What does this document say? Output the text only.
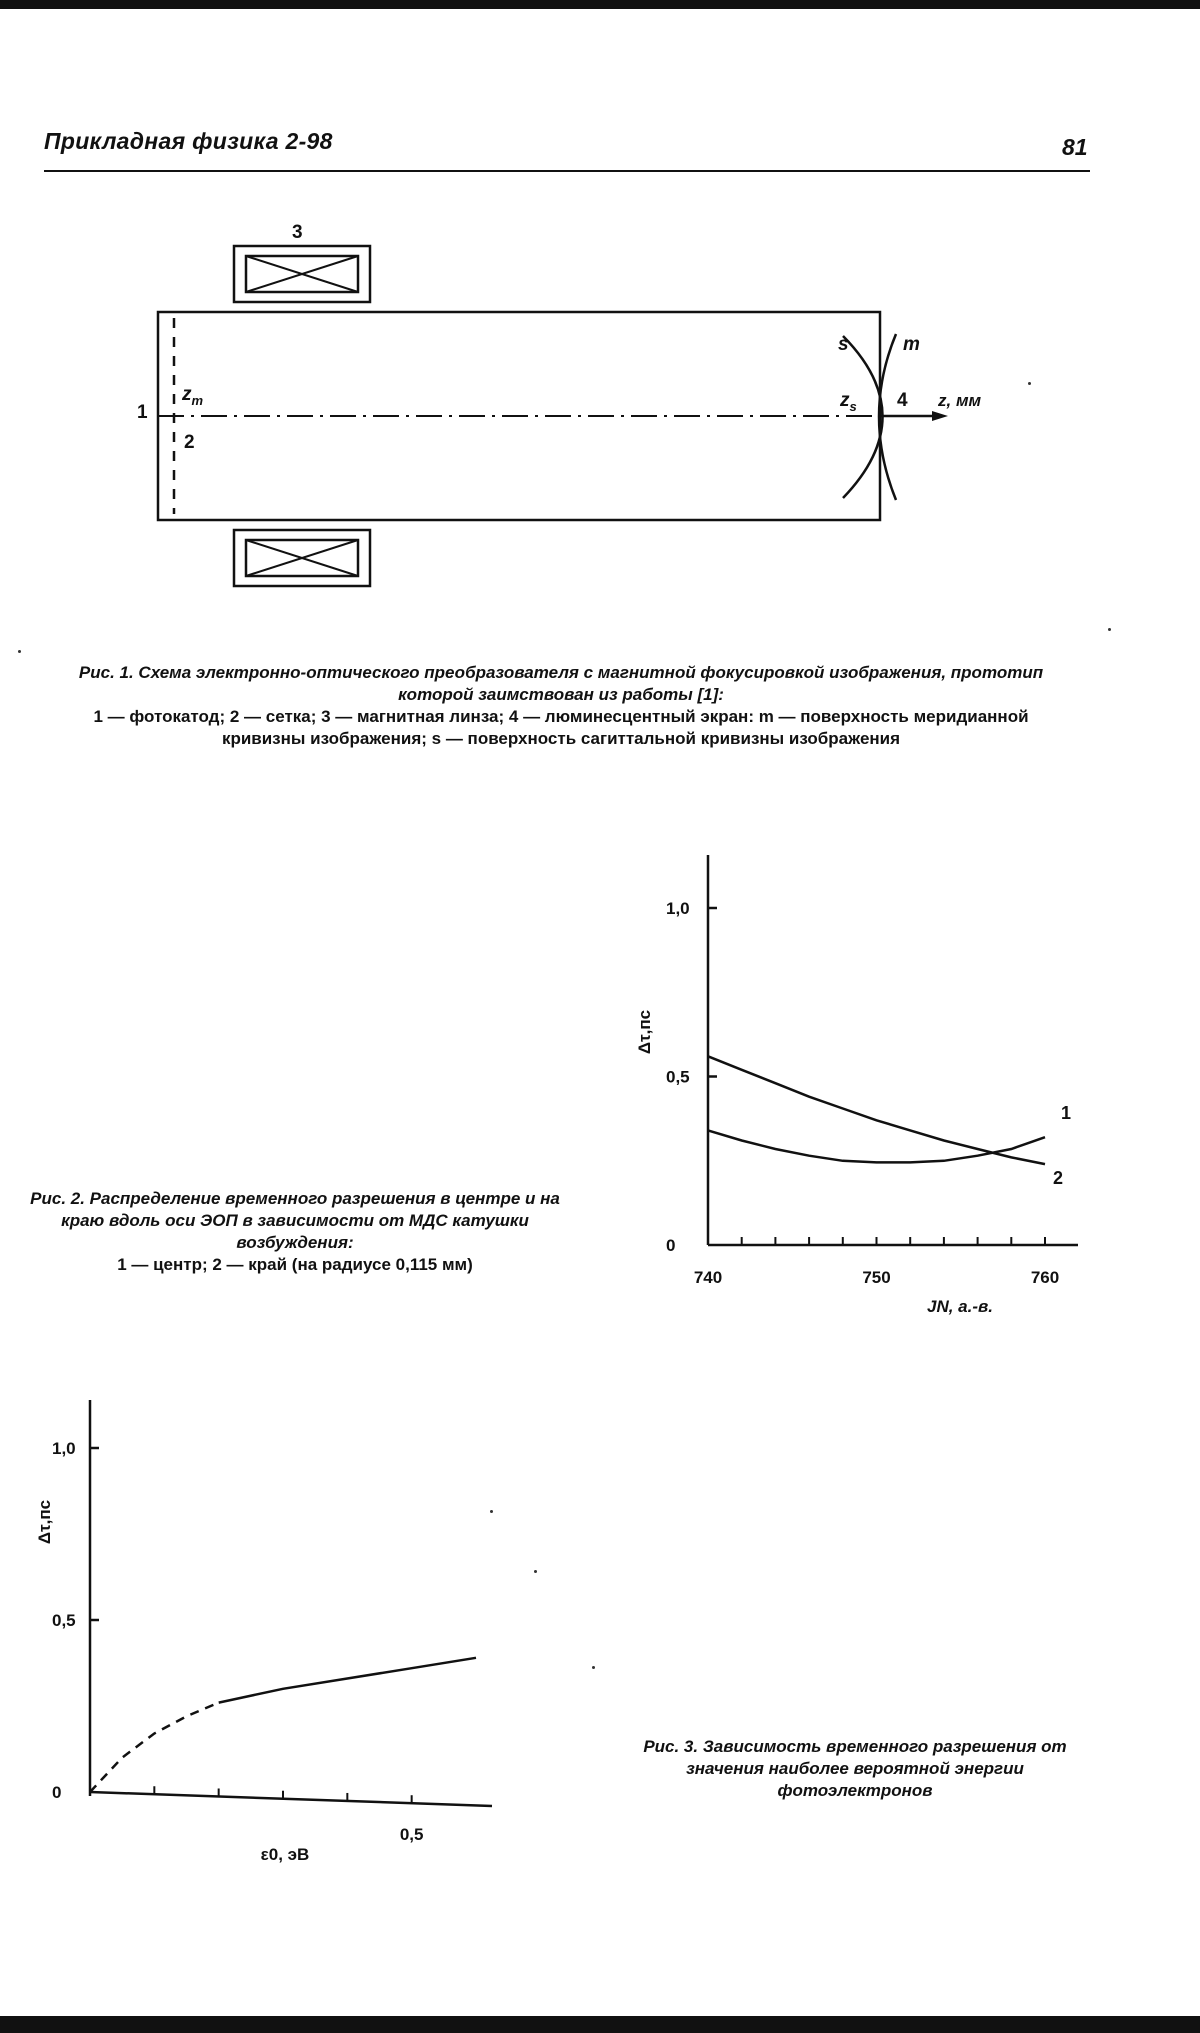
Прикладная физика 2-98	81
3
1
2
$z_m$	$z_s$
s	m
4 z, мм
Рис. 1. Схема электронно-оптического преобразователя с магнитной фокусировкой изображения, прототип которой заимствован из работы [1]:
1 — фотокатод; 2 — сетка; 3 — магнитная линза; 4 — люминесцентный экран: m — поверхность меридианной кривизны изображения; s — поверхность сагиттальной кривизны изображения
0
0,5
1,0
740	750	760
JN, а.-в.
Δτ,пс
1
2
Рис. 2. Распределение временного разрешения в центре и на краю вдоль оси ЭОП в зависимости от МДС катушки возбуждения:
1 — центр; 2 — край (на радиусе 0,115 мм)
0
0,5
1,0
0,5
ε0, эВ
Δτ,пс
Рис. 3. Зависимость временного разрешения от значения наиболее вероятной энергии фотоэлектронов
